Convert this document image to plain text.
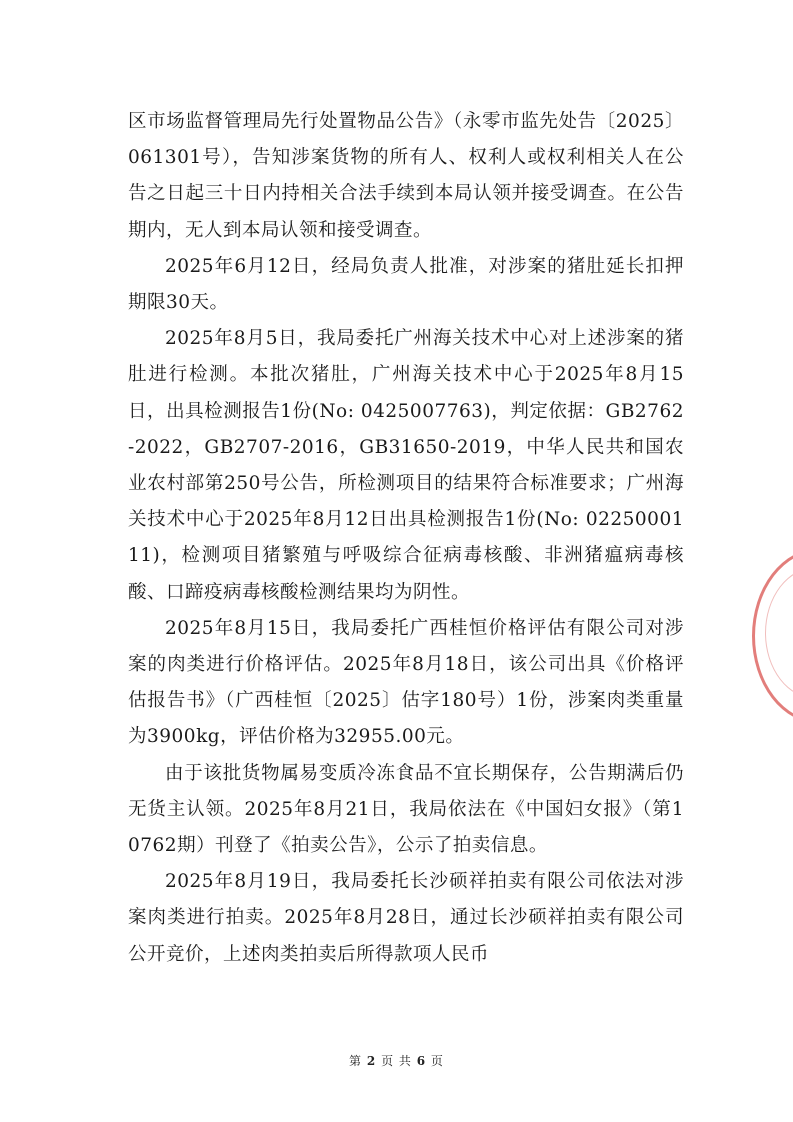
区市场监督管理局先行处置物品公告》（永零市监先处告〔2025〕061301号），告知涉案货物的所有人、权利人或权利相关人在公告之日起三十日内持相关合法手续到本局认领并接受调查。在公告期内，无人到本局认领和接受调查。

2025年6月12日，经局负责人批准，对涉案的猪肚延长扣押期限30天。

2025年8月5日，我局委托广州海关技术中心对上述涉案的猪肚进行检测。本批次猪肚，广州海关技术中心于2025年8月15日，出具检测报告1份(No: 0425007763)，判定依据：GB2762-2022，GB2707-2016，GB31650-2019，中华人民共和国农业农村部第250号公告，所检测项目的结果符合标准要求；广州海关技术中心于2025年8月12日出具检测报告1份(No: 0225000111)，检测项目猪繁殖与呼吸综合征病毒核酸、非洲猪瘟病毒核酸、口蹄疫病毒核酸检测结果均为阴性。

2025年8月15日，我局委托广西桂恒价格评估有限公司对涉案的肉类进行价格评估。2025年8月18日，该公司出具《价格评估报告书》（广西桂恒〔2025〕估字180号）1份，涉案肉类重量为3900kg，评估价格为32955.00元。

由于该批货物属易变质冷冻食品不宜长期保存，公告期满后仍无货主认领。2025年8月21日，我局依法在《中国妇女报》（第10762期）刊登了《拍卖公告》，公示了拍卖信息。

2025年8月19日，我局委托长沙硕祥拍卖有限公司依法对涉案肉类进行拍卖。2025年8月28日，通过长沙硕祥拍卖有限公司公开竞价，上述肉类拍卖后所得款项人民币

第 2 页 共 6 页
